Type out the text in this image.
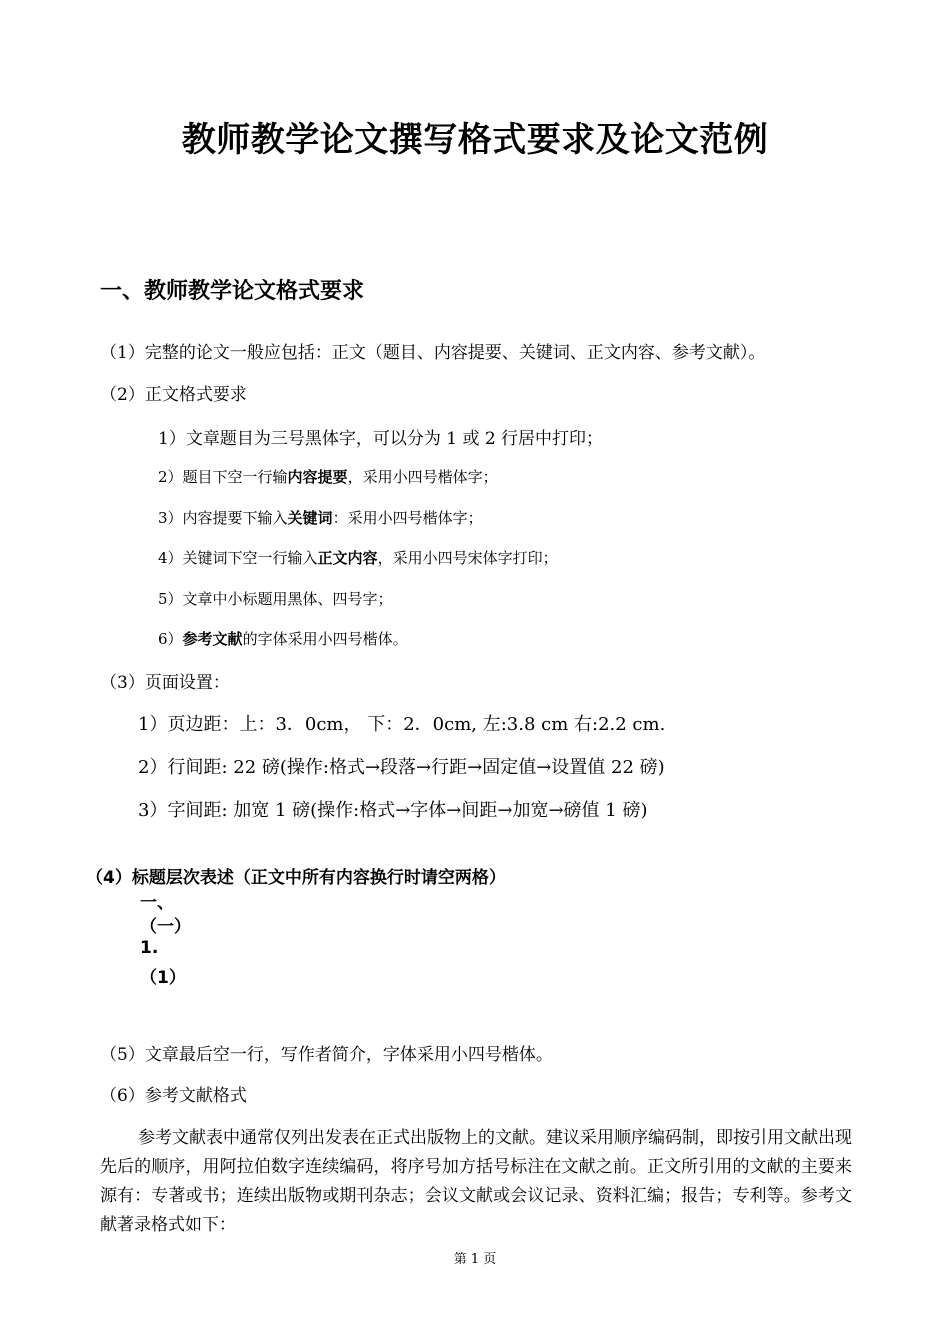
教师教学论文撰写格式要求及论文范例
一、教师教学论文格式要求
（1）完整的论文一般应包括：正文（题目、内容提要、关键词、正文内容、参考文献）。
（2）正文格式要求
1）文章题目为三号黑体字，可以分为 1 或 2 行居中打印；
2）题目下空一行输内容提要，采用小四号楷体字；
3）内容提要下输入关键词：采用小四号楷体字；
4）关键词下空一行输入正文内容，采用小四号宋体字打印；
5）文章中小标题用黑体、四号字；
6）参考文献的字体采用小四号楷体。
（3）页面设置：
1）页边距：上：3．0cm， 下：2．0cm, 左:3.8 cm 右:2.2 cm.
2）行间距: 22 磅(操作:格式→段落→行距→固定值→设置值 22 磅)
3）字间距: 加宽 1 磅(操作:格式→字体→间距→加宽→磅值 1 磅)
（4）标题层次表述（正文中所有内容换行时请空两格）
一、
（一）
1.
（1）
（5）文章最后空一行，写作者简介，字体采用小四号楷体。
（6）参考文献格式
参考文献表中通常仅列出发表在正式出版物上的文献。建议采用顺序编码制，即按引用文献出现先后的顺序，用阿拉伯数字连续编码，将序号加方括号标注在文献之前。正文所引用的文献的主要来源有：专著或书；连续出版物或期刊杂志；会议文献或会议记录、资料汇编；报告；专利等。参考文献著录格式如下：
第 1 页
